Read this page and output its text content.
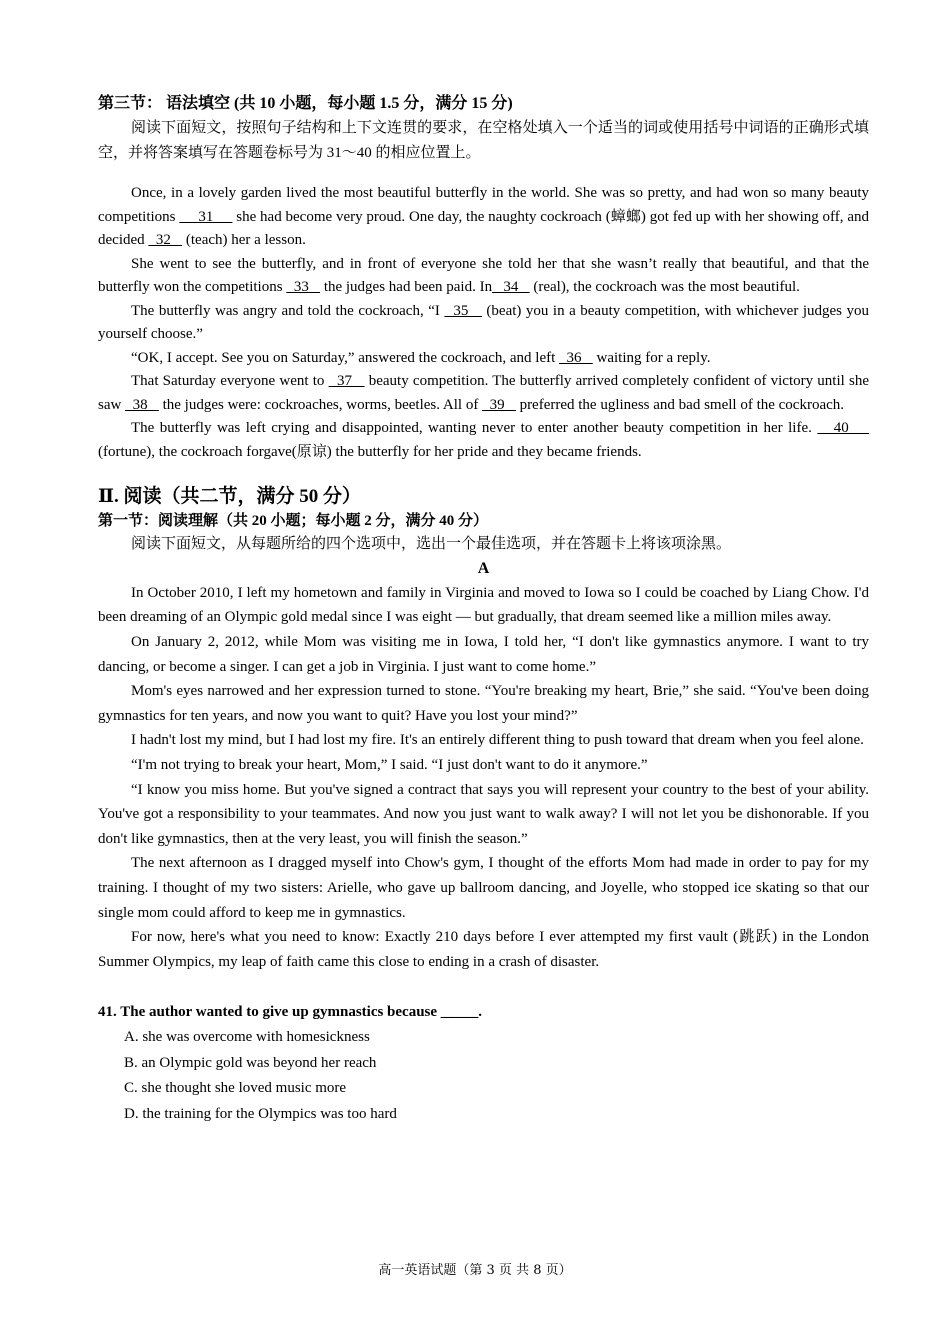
第三节： 语法填空 (共 10 小题，每小题 1.5 分，满分 15 分)

阅读下面短文，按照句子结构和上下文连贯的要求，在空格处填入一个适当的词或使用括号中词语的正确形式填空，并将答案填写在答题卷标号为 31～40 的相应位置上。

Once, in a lovely garden lived the most beautiful butterfly in the world. She was so pretty, and had won so many beauty competitions      31      she had become very proud. One day, the naughty cockroach (蟑螂) got fed up with her showing off, and decided   32    (teach) her a lesson.

She went to see the butterfly, and in front of everyone she told her that she wasn’t really that beautiful, and that the butterfly won the competitions   33    the judges had been paid. In   34    (real), the cockroach was the most beautiful.

The butterfly was angry and told the cockroach, “I   35    (beat) you in a beauty competition, with whichever judges you yourself choose.”

“OK, I accept. See you on Saturday,” answered the cockroach, and left   36    waiting for a reply.

That Saturday everyone went to   37    beauty competition. The butterfly arrived completely confident of victory until she saw   38    the judges were: cockroaches, worms, beetles. All of   39    preferred the ugliness and bad smell of the cockroach.

The butterfly was left crying and disappointed, wanting never to enter another beauty competition in her life.    40     (fortune), the cockroach forgave(原谅) the butterfly for her pride and they became friends.

Ⅱ. 阅读（共二节，满分 50 分）

第一节：阅读理解（共 20 小题；每小题 2 分，满分 40 分）

阅读下面短文，从每题所给的四个选项中，选出一个最佳选项，并在答题卡上将该项涂黑。

A

In October 2010, I left my hometown and family in Virginia and moved to Iowa so I could be coached by Liang Chow. I'd been dreaming of an Olympic gold medal since I was eight — but gradually, that dream seemed like a million miles away.

On January 2, 2012, while Mom was visiting me in Iowa, I told her, “I don't like gymnastics anymore. I want to try dancing, or become a singer. I can get a job in Virginia. I just want to come home.”

Mom's eyes narrowed and her expression turned to stone. “You're breaking my heart, Brie,” she said. “You've been doing gymnastics for ten years, and now you want to quit? Have you lost your mind?”

I hadn't lost my mind, but I had lost my fire. It's an entirely different thing to push toward that dream when you feel alone.

“I'm not trying to break your heart, Mom,” I said. “I just don't want to do it anymore.”

“I know you miss home. But you've signed a contract that says you will represent your country to the best of your ability. You've got a responsibility to your teammates. And now you just want to walk away? I will not let you be dishonorable. If you don't like gymnastics, then at the very least, you will finish the season.”

The next afternoon as I dragged myself into Chow's gym, I thought of the efforts Mom had made in order to pay for my training. I thought of my two sisters: Arielle, who gave up ballroom dancing, and Joyelle, who stopped ice skating so that our single mom could afford to keep me in gymnastics.

For now, here's what you need to know: Exactly 210 days before I ever attempted my first vault (跳跃) in the London Summer Olympics, my leap of faith came this close to ending in a crash of disaster.

41. The author wanted to give up gymnastics because _____.

A. she was overcome with homesickness

B. an Olympic gold was beyond her reach

C. she thought she loved music more

D. the training for the Olympics was too hard

高一英语试题（第 3 页 共 8 页）
